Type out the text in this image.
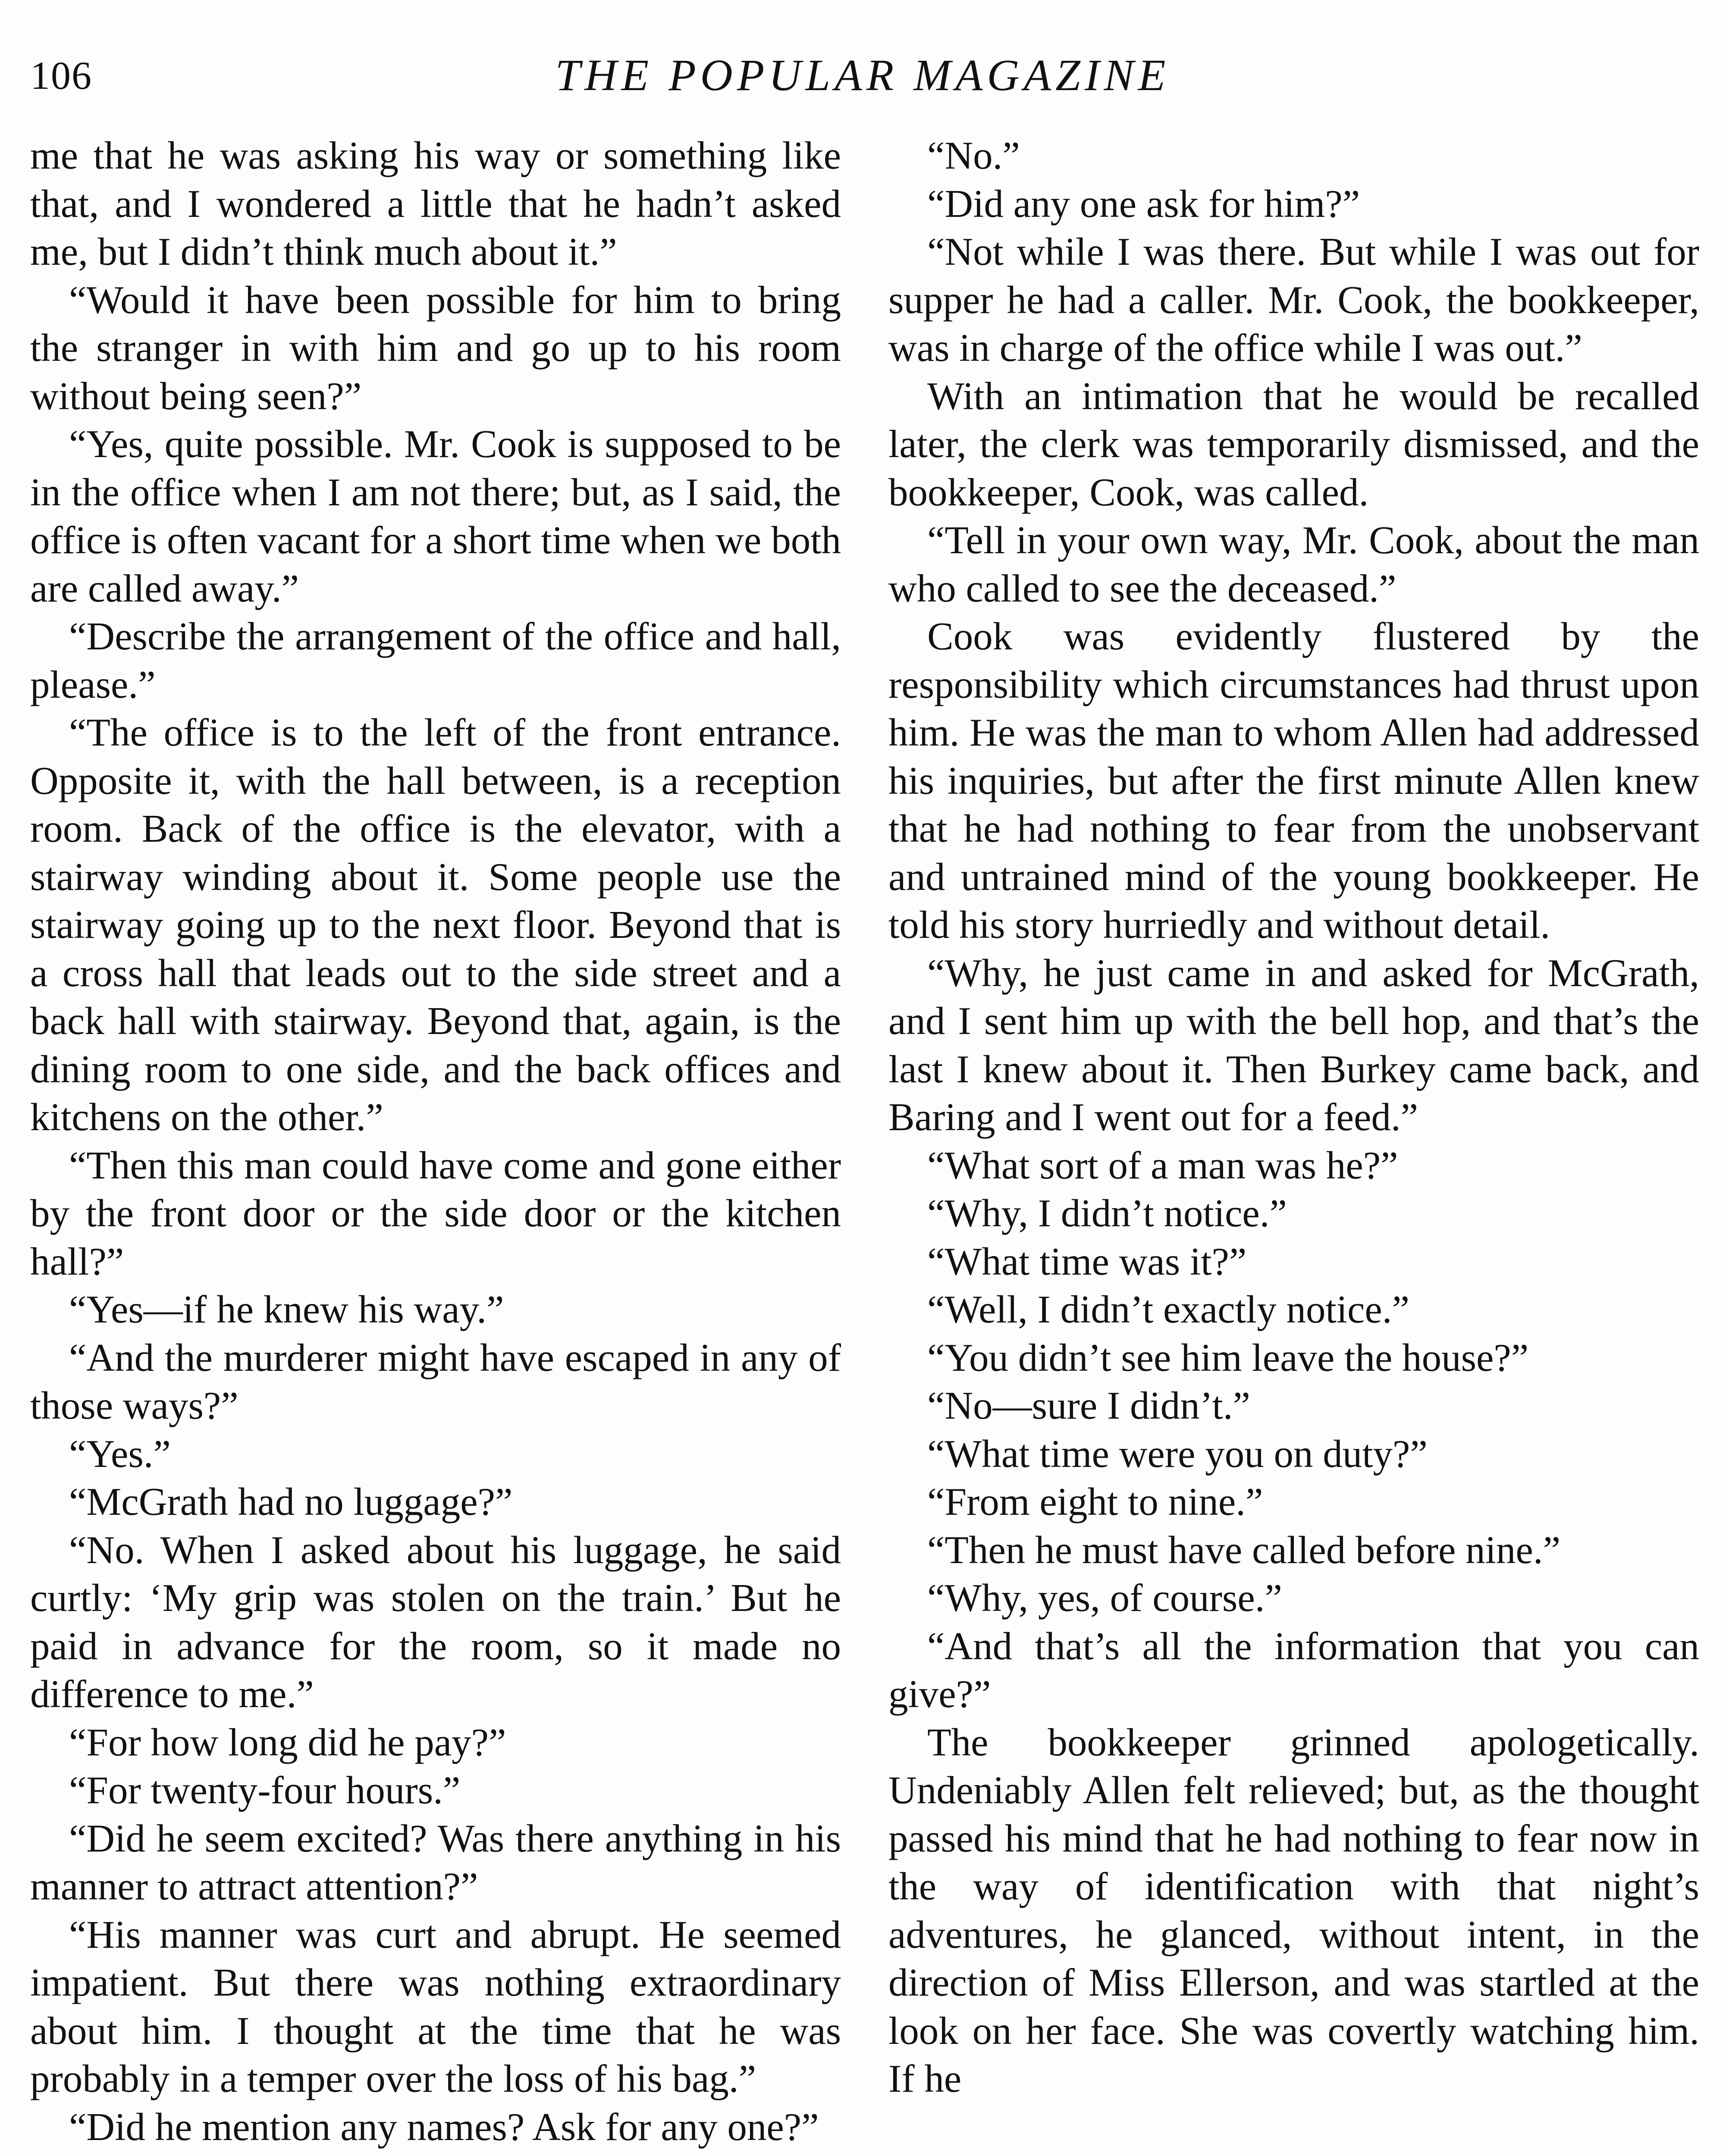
106	THE POPULAR MAGAZINE

me that he was asking his way or something like that, and I wondered a little that he hadn’t asked me, but I didn’t think much about it.”

“Would it have been possible for him to bring the stranger in with him and go up to his room without being seen?”

“Yes, quite possible. Mr. Cook is supposed to be in the office when I am not there; but, as I said, the office is often vacant for a short time when we both are called away.”

“Describe the arrangement of the office and hall, please.”

“The office is to the left of the front entrance. Opposite it, with the hall between, is a reception room. Back of the office is the elevator, with a stairway winding about it. Some people use the stairway going up to the next floor. Beyond that is a cross hall that leads out to the side street and a back hall with stairway. Beyond that, again, is the dining room to one side, and the back offices and kitchens on the other.”

“Then this man could have come and gone either by the front door or the side door or the kitchen hall?”

“Yes—if he knew his way.”

“And the murderer might have escaped in any of those ways?”

“Yes.”

“McGrath had no luggage?”

“No. When I asked about his luggage, he said curtly: ‘My grip was stolen on the train.’ But he paid in advance for the room, so it made no difference to me.”

“For how long did he pay?”

“For twenty-four hours.”

“Did he seem excited? Was there anything in his manner to attract attention?”

“His manner was curt and abrupt. He seemed impatient. But there was nothing extraordinary about him. I thought at the time that he was probably in a temper over the loss of his bag.”

“Did he mention any names? Ask for any one?”

“No.”

“Did any one ask for him?”

“Not while I was there. But while I was out for supper he had a caller. Mr. Cook, the bookkeeper, was in charge of the office while I was out.”

With an intimation that he would be recalled later, the clerk was temporarily dismissed, and the bookkeeper, Cook, was called.

“Tell in your own way, Mr. Cook, about the man who called to see the deceased.”

Cook was evidently flustered by the responsibility which circumstances had thrust upon him. He was the man to whom Allen had addressed his inquiries, but after the first minute Allen knew that he had nothing to fear from the unobservant and untrained mind of the young bookkeeper. He told his story hurriedly and without detail.

“Why, he just came in and asked for McGrath, and I sent him up with the bell hop, and that’s the last I knew about it. Then Burkey came back, and Baring and I went out for a feed.”

“What sort of a man was he?”

“Why, I didn’t notice.”

“What time was it?”

“Well, I didn’t exactly notice.”

“You didn’t see him leave the house?”

“No—sure I didn’t.”

“What time were you on duty?”

“From eight to nine.”

“Then he must have called before nine.”

“Why, yes, of course.”

“And that’s all the information that you can give?”

The bookkeeper grinned apologetically. Undeniably Allen felt relieved; but, as the thought passed his mind that he had nothing to fear now in the way of identification with that night’s adventures, he glanced, without intent, in the direction of Miss Ellerson, and was startled at the look on her face. She was covertly watching him. If he
